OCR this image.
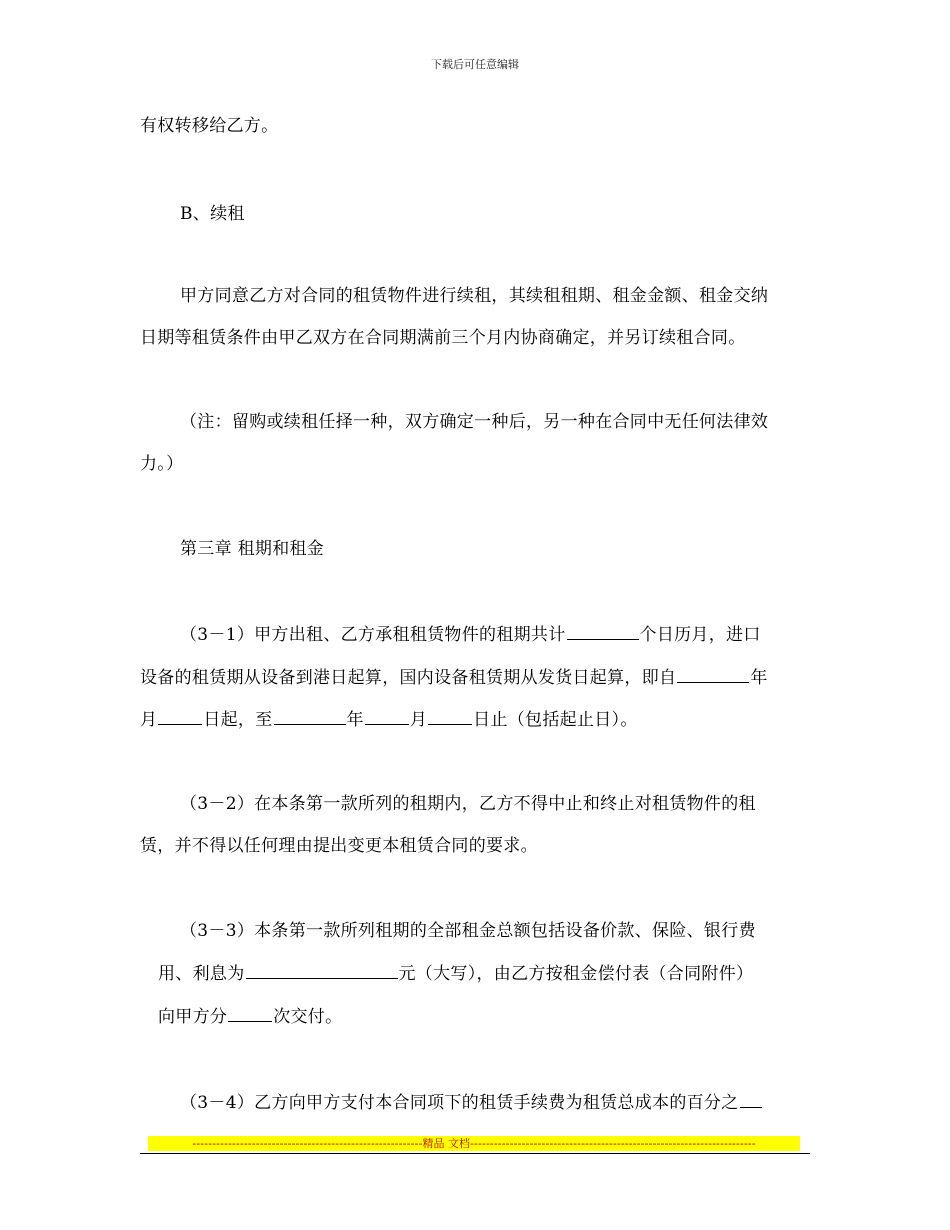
下载后可任意编辑
有权转移给乙方。
B、续租
甲方同意乙方对合同的租赁物件进行续租，其续租租期、租金金额、租金交纳
日期等租赁条件由甲乙双方在合同期满前三个月内协商确定，并另订续租合同。
（注：留购或续租任择一种，双方确定一种后，另一种在合同中无任何法律效
力。）
第三章 租期和租金
（3－1）甲方出租、乙方承租租赁物件的租期共计	个日历月，进口
设备的租赁期从设备到港日起算，国内设备租赁期从发货日起算，即自	年
月	日起，至	年	月	日止（包括起止日）。
（3－2）在本条第一款所列的租期内，乙方不得中止和终止对租赁物件的租
赁，并不得以任何理由提出变更本租赁合同的要求。
（3－3）本条第一款所列租期的全部租金总额包括设备价款、保险、银行费
用、利息为	元（大写），由乙方按租金偿付表（合同附件）
向甲方分	次交付。
（3－4）乙方向甲方支付本合同项下的租赁手续费为租赁总成本的百分之
----------------------------------------------------------精品 文档------------------------------------------------------------------------
